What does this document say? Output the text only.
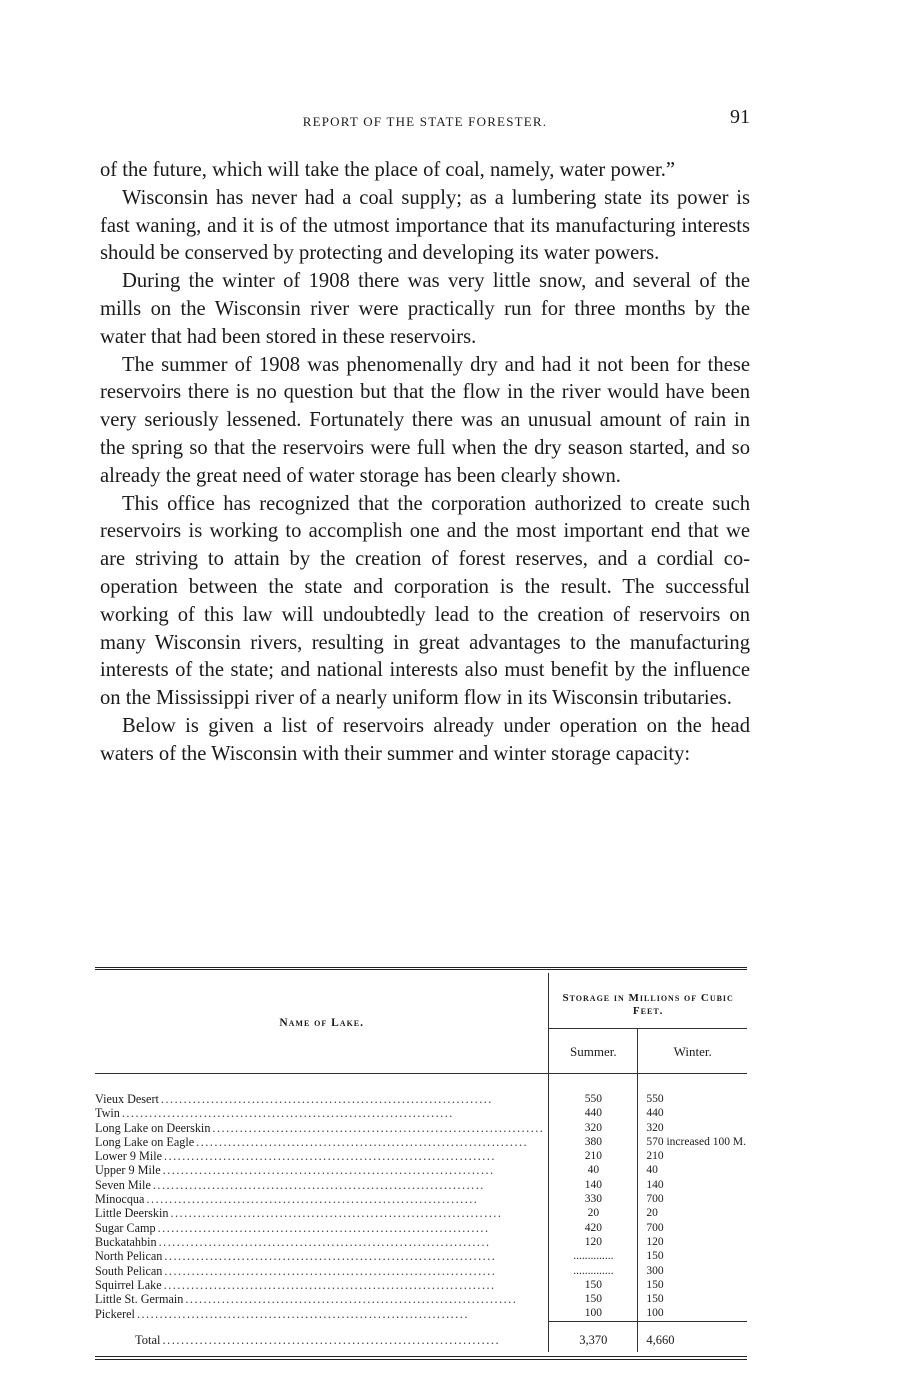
REPORT OF THE STATE FORESTER.	91

of the future, which will take the place of coal, namely, water power.”

Wisconsin has never had a coal supply; as a lumbering state its power is fast waning, and it is of the utmost importance that its manufacturing interests should be conserved by protecting and developing its water powers.

During the winter of 1908 there was very little snow, and several of the mills on the Wisconsin river were practically run for three months by the water that had been stored in these reservoirs.

The summer of 1908 was phenomenally dry and had it not been for these reservoirs there is no question but that the flow in the river would have been very seriously lessened. Fortunately there was an unusual amount of rain in the spring so that the reservoirs were full when the dry season started, and so already the great need of water storage has been clearly shown.

This office has recognized that the corporation authorized to create such reservoirs is working to accomplish one and the most important end that we are striving to attain by the creation of forest reserves, and a cordial co-operation between the state and corporation is the result. The successful working of this law will undoubtedly lead to the creation of reservoirs on many Wisconsin rivers, resulting in great advantages to the manufacturing interests of the state; and national interests also must benefit by the influence on the Mississippi river of a nearly uniform flow in its Wisconsin tributaries.

Below is given a list of reservoirs already under operation on the head waters of the Wisconsin with their summer and winter storage capacity:

Name of Lake.	Storage in Millions of Cubic Feet.	
	Summer.	Winter.

Vieux Desert .........................................................................	550	550
Twin .........................................................................	440	440
Long Lake on Deerskin .........................................................................	320	320
Long Lake on Eagle .........................................................................	380	570 increased 100 M.
Lower 9 Mile .........................................................................	210	210
Upper 9 Mile .........................................................................	40	40
Seven Mile .........................................................................	140	140
Minocqua .........................................................................	330	700
Little Deerskin .........................................................................	20	20
Sugar Camp .........................................................................	420	700
Buckatahbin .........................................................................	120	120
North Pelican .........................................................................	..............	150
South Pelican .........................................................................	..............	300
Squirrel Lake .........................................................................	150	150
Little St. Germain .........................................................................	150	150
Pickerel .........................................................................	100	100
Total .........................................................................	3,370	4,660
